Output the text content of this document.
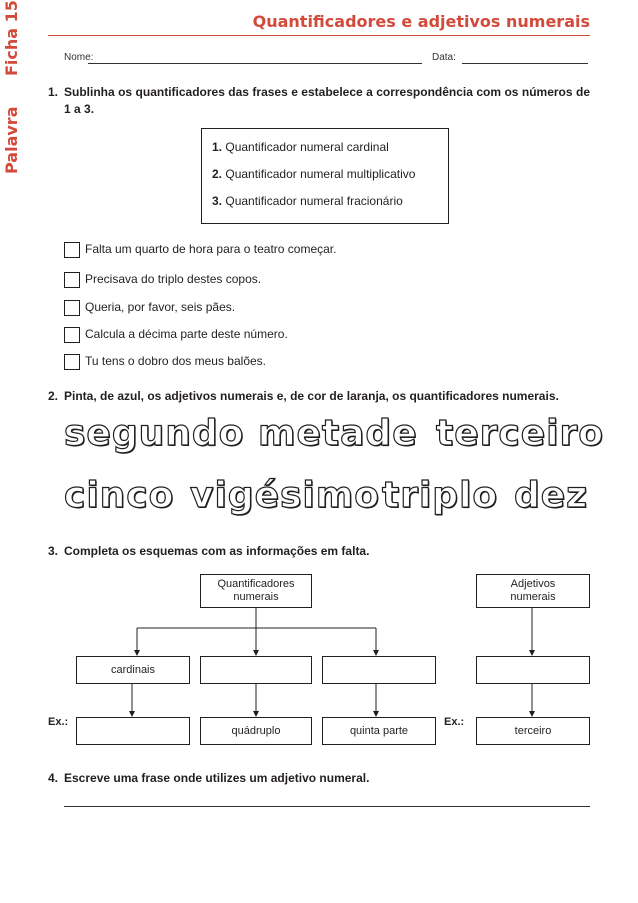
Ficha 15
Palavra
Quantificadores e adjetivos numerais
Nome:	Data:
1. Sublinha os quantificadores das frases e estabelece a correspondência com os números de 1 a 3.
1. Quantificador numeral cardinal
2. Quantificador numeral multiplicativo
3. Quantificador numeral fracionário
Falta um quarto de hora para o teatro começar.
Precisava do triplo destes copos.
Queria, por favor, seis pães.
Calcula a décima parte deste número.
Tu tens o dobro dos meus balões.
2. Pinta, de azul, os adjetivos numerais e, de cor de laranja, os quantificadores numerais.
segundo metade terceiro
cinco vigésimo triplo dez
3. Completa os esquemas com as informações em falta.
Quantificadores numerais
Adjetivos numerais
cardinais
Ex.:	Ex.:
quádruplo	quinta parte	terceiro
4. Escreve uma frase onde utilizes um adjetivo numeral.
